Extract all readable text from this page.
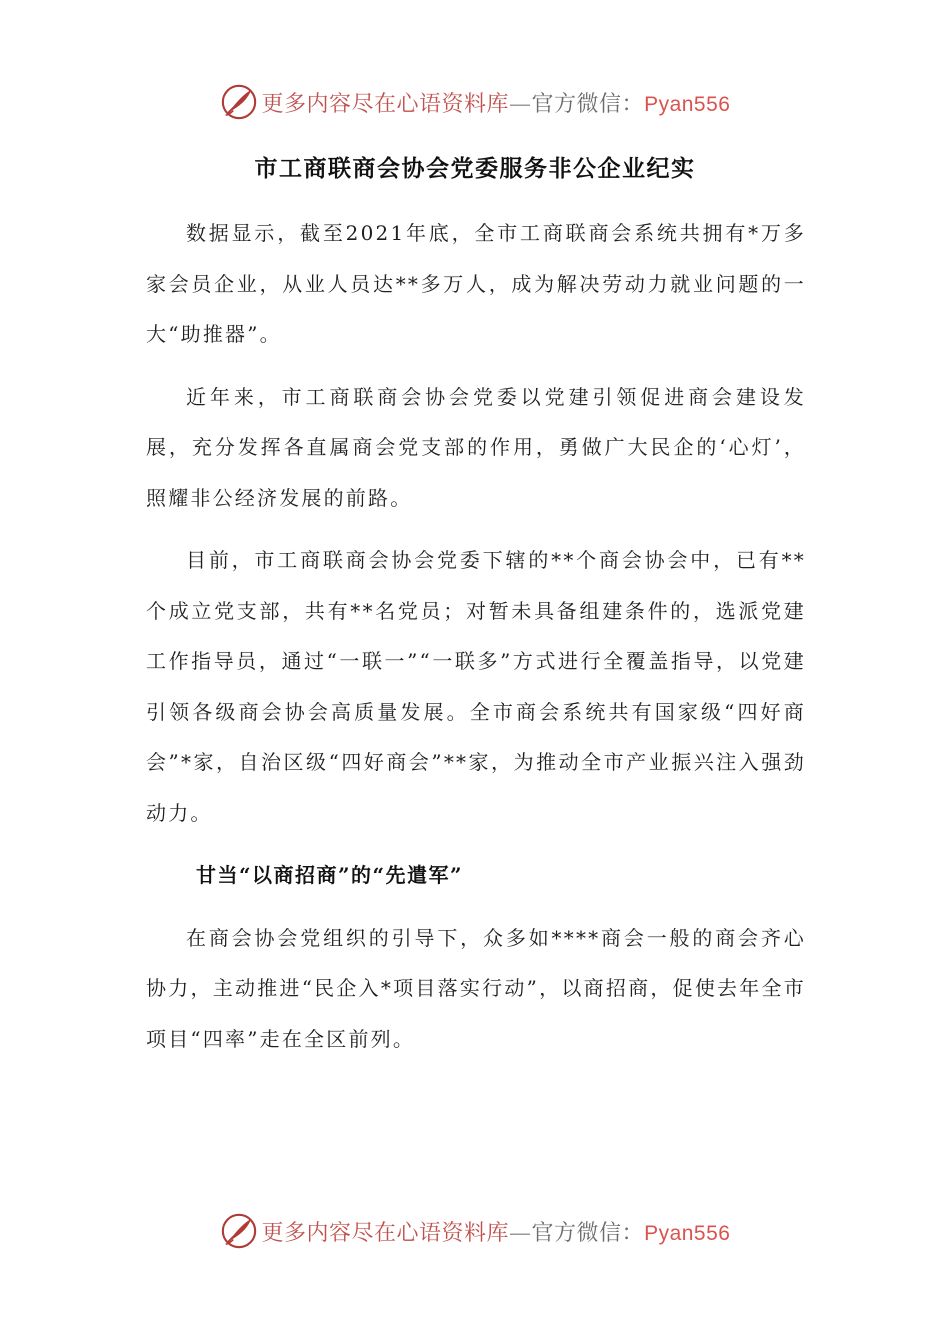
更多内容尽在心语资料库—官方微信：Pyan556
市工商联商会协会党委服务非公企业纪实

数据显示，截至2021年底，全市工商联商会系统共拥有*万多家会员企业，从业人员达**多万人，成为解决劳动力就业问题的一大“助推器”。

近年来，市工商联商会协会党委以党建引领促进商会建设发展，充分发挥各直属商会党支部的作用，勇做广大民企的‘心灯’，照耀非公经济发展的前路。

目前，市工商联商会协会党委下辖的**个商会协会中，已有**个成立党支部，共有**名党员；对暂未具备组建条件的，选派党建工作指导员，通过“一联一”“一联多”方式进行全覆盖指导，以党建引领各级商会协会高质量发展。全市商会系统共有国家级“四好商会”*家，自治区级“四好商会”**家，为推动全市产业振兴注入强劲动力。

甘当“以商招商”的“先遣军”

在商会协会党组织的引导下，众多如****商会一般的商会齐心协力，主动推进“民企入*项目落实行动”，以商招商，促使去年全市项目“四率”走在全区前列。

更多内容尽在心语资料库—官方微信：Pyan556
